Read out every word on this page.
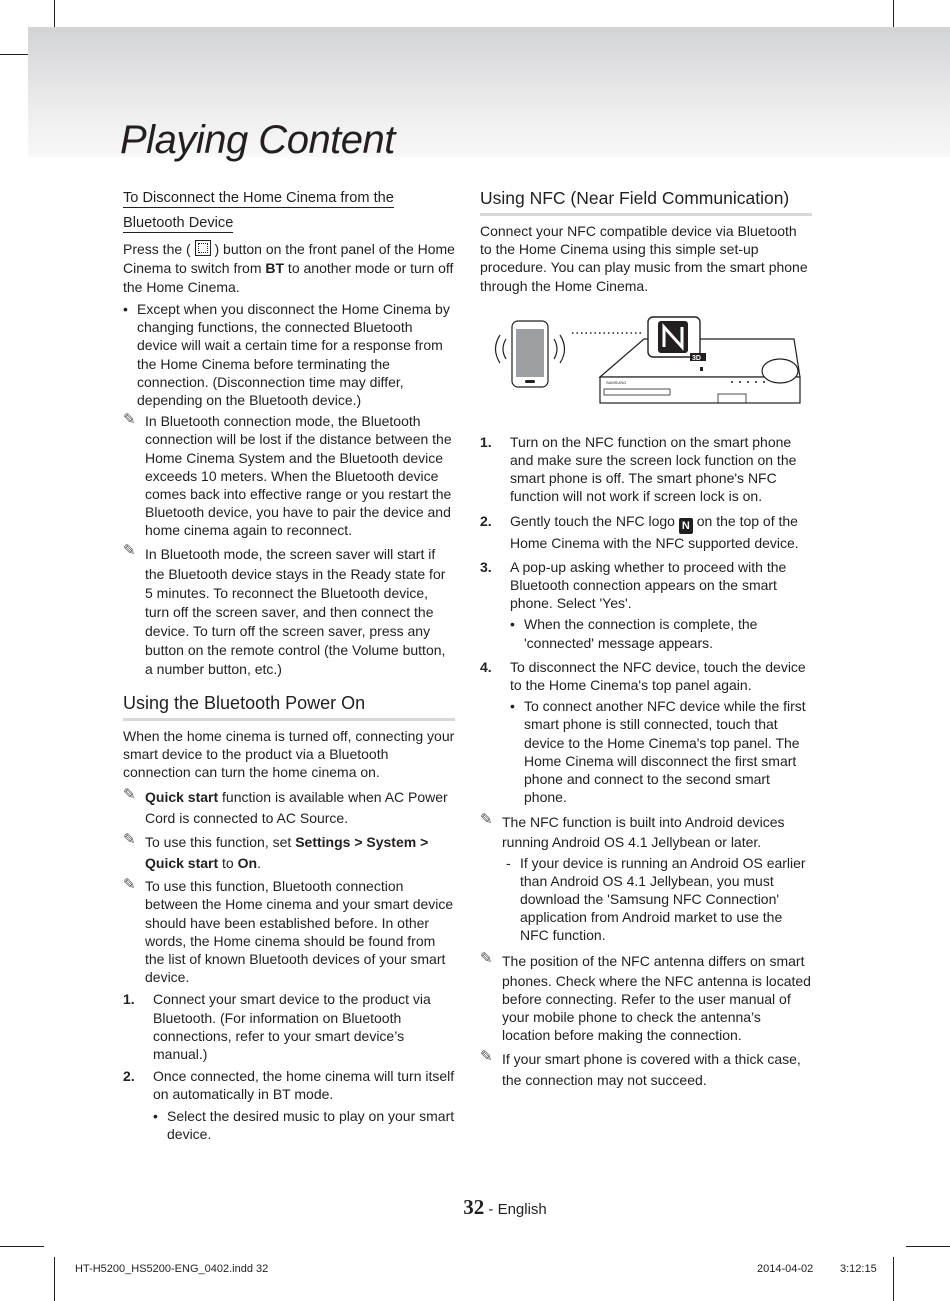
Playing Content
To Disconnect the Home Cinema from the
Bluetooth Device

Press the ( ) button on the front panel of the Home Cinema to switch from BT to another mode or turn off the Home Cinema.

• Except when you disconnect the Home Cinema by changing functions, the connected Bluetooth device will wait a certain time for a response from the Home Cinema before terminating the connection. (Disconnection time may differ, depending on the Bluetooth device.)
✎ In Bluetooth connection mode, the Bluetooth connection will be lost if the distance between the Home Cinema System and the Bluetooth device exceeds 10 meters. When the Bluetooth device comes back into effective range or you restart the Bluetooth device, you have to pair the device and home cinema again to reconnect.
✎ In Bluetooth mode, the screen saver will start if
the Bluetooth device stays in the Ready state for 5 minutes. To reconnect the Bluetooth device, turn off the screen saver, and then connect the device. To turn off the screen saver, press any button on the remote control (the Volume button, a number button, etc.)
Using the Bluetooth Power On

When the home cinema is turned off, connecting your smart device to the product via a Bluetooth connection can turn the home cinema on.

✎ Quick start function is available when AC Power
Cord is connected to AC Source.
✎ To use this function, set Settings > System >
Quick start to On.
✎ To use this function, Bluetooth connection between the Home cinema and your smart device should have been established before. In other words, the Home cinema should be found from the list of known Bluetooth devices of your smart device.
1. Connect your smart device to the product via Bluetooth. (For information on Bluetooth connections, refer to your smart device’s manual.)
2. Once connected, the home cinema will turn itself on automatically in BT mode.
• Select the desired music to play on your smart device.
Using NFC (Near Field Communication)

Connect your NFC compatible device via Bluetooth to the Home Cinema using this simple set-up procedure. You can play music from the smart phone through the Home Cinema.

SAMSUNG
3D
1. Turn on the NFC function on the smart phone and make sure the screen lock function on the smart phone is off. The smart phone's NFC function will not work if screen lock is on.
2. Gently touch the NFC logo N on the top of the Home Cinema with the NFC supported device.
3. A pop-up asking whether to proceed with the Bluetooth connection appears on the smart phone. Select 'Yes'.
• When the connection is complete, the 'connected' message appears.
4. To disconnect the NFC device, touch the device to the Home Cinema's top panel again.
• To connect another NFC device while the first smart phone is still connected, touch that device to the Home Cinema's top panel. The Home Cinema will disconnect the first smart phone and connect to the second smart phone.
✎ The NFC function is built into Android devices
running Android OS 4.1 Jellybean or later.
- If your device is running an Android OS earlier than Android OS 4.1 Jellybean, you must download the 'Samsung NFC Connection' application from Android market to use the NFC function.
✎ The position of the NFC antenna differs on smart
phones. Check where the NFC antenna is located before connecting. Refer to the user manual of your mobile phone to check the antenna’s location before making the connection.
✎ If your smart phone is covered with a thick case,
the connection may not succeed.
32 - English
HT-H5200_HS5200-ENG_0402.indd 32	2014-04-02 3:12:15
